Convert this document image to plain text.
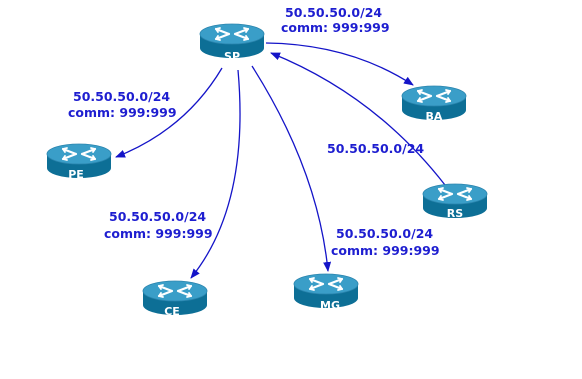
SP
BA
PE
RS
CE	MG
50.50.50.0/24
comm: 999:999
50.50.50.0/24
comm: 999:999
50.50.50.0/24
50.50.50.0/24
comm: 999:999	50.50.50.0/24
comm: 999:999
